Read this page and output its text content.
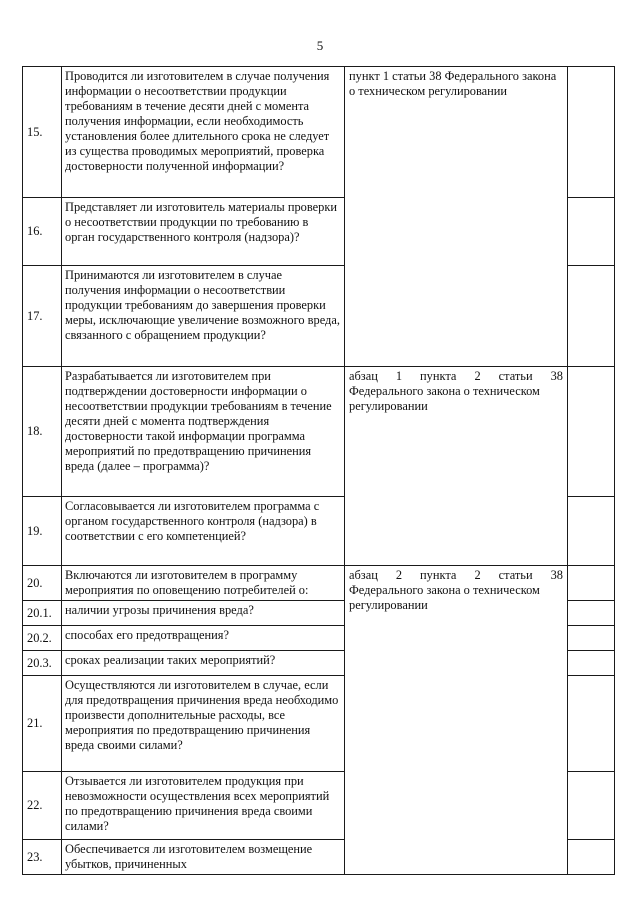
5
15.	Проводится ли изготовителем в случае получения информации о несоответствии продукции требованиям в течение десяти дней с момента получения информации, если необходимость установления более длительного срока не следует из существа проводимых мероприятий, проверка достоверности полученной информации?	пункт 1 статьи 38 Федерального закона о техническом регулировании	

16.	Представляет ли изготовитель материалы проверки о несоответствии продукции по требованию в орган государственного контроля (надзора)?		
17.	Принимаются ли изготовителем в случае получения информации о несоответствии продукции требованиям до завершения проверки меры, исключающие увеличение возможного вреда, связанного с обращением продукции?		
18.	Разрабатывается ли изготовителем при подтверждении достоверности информации о несоответствии продукции требованиям в течение десяти дней с момента подтверждения достоверности такой информации программа мероприятий по предотвращению причинения вреда (далее – программа)?	абзац 1 пункта 2 статьи 38
Федерального закона о техническом регулировании	

19.	Согласовывается ли изготовителем программа с органом государственного контроля (надзора) в соответствии с его компетенцией?		
20.	Включаются ли изготовителем в программу мероприятия по оповещению потребителей о:	абзац 2 пункта 2 статьи 38
Федерального закона о техническом регулировании	

20.1.	наличии угрозы причинения вреда?		
20.2.	способах его предотвращения?		
20.3.	сроках реализации таких мероприятий?		
21.	Осуществляются ли изготовителем в случае, если для предотвращения причинения вреда необходимо произвести дополнительные расходы, все мероприятия по предотвращению причинения вреда своими силами?		
22.	Отзывается ли изготовителем продукция при невозможности осуществления всех мероприятий по предотвращению причинения вреда своими силами?		
23.	Обеспечивается ли изготовителем возмещение убытков, причиненных		
